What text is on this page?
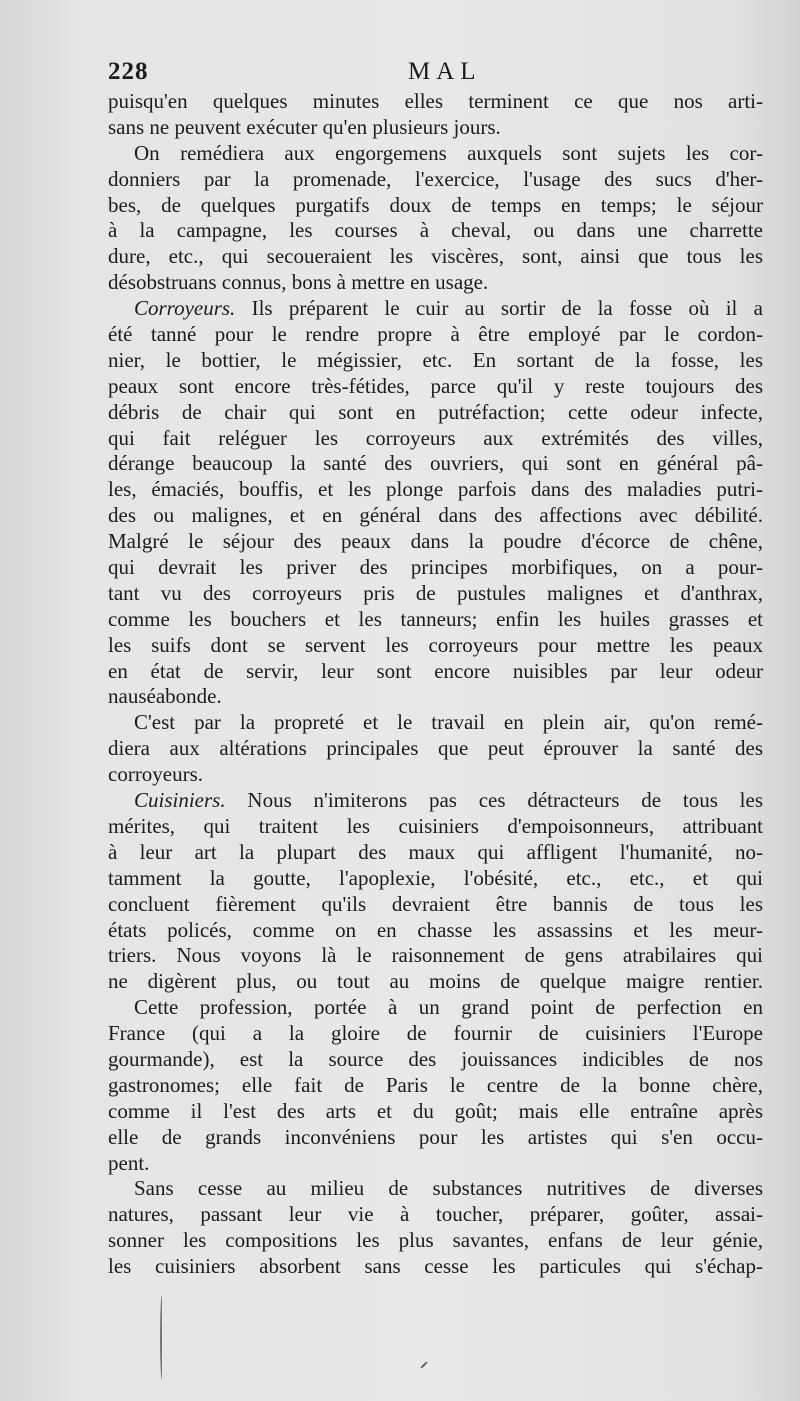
228	MAL
puisqu'en quelques minutes elles terminent ce que nos arti-
sans ne peuvent exécuter qu'en plusieurs jours.
On remédiera aux engorgemens auxquels sont sujets les cor-
donniers par la promenade, l'exercice, l'usage des sucs d'her-
bes, de quelques purgatifs doux de temps en temps; le séjour
à la campagne, les courses à cheval, ou dans une charrette
dure, etc., qui secoueraient les viscères, sont, ainsi que tous les
désobstruans connus, bons à mettre en usage.
Corroyeurs. Ils préparent le cuir au sortir de la fosse où il a
été tanné pour le rendre propre à être employé par le cordon-
nier, le bottier, le mégissier, etc. En sortant de la fosse, les
peaux sont encore très-fétides, parce qu'il y reste toujours des
débris de chair qui sont en putréfaction; cette odeur infecte,
qui fait reléguer les corroyeurs aux extrémités des villes,
dérange beaucoup la santé des ouvriers, qui sont en général pâ-
les, émaciés, bouffis, et les plonge parfois dans des maladies putri-
des ou malignes, et en général dans des affections avec débilité.
Malgré le séjour des peaux dans la poudre d'écorce de chêne,
qui devrait les priver des principes morbifiques, on a pour-
tant vu des corroyeurs pris de pustules malignes et d'anthrax,
comme les bouchers et les tanneurs; enfin les huiles grasses et
les suifs dont se servent les corroyeurs pour mettre les peaux
en état de servir, leur sont encore nuisibles par leur odeur
nauséabonde.
C'est par la propreté et le travail en plein air, qu'on remé-
diera aux altérations principales que peut éprouver la santé des
corroyeurs.
Cuisiniers. Nous n'imiterons pas ces détracteurs de tous les
mérites, qui traitent les cuisiniers d'empoisonneurs, attribuant
à leur art la plupart des maux qui affligent l'humanité, no-
tamment la goutte, l'apoplexie, l'obésité, etc., etc., et qui
concluent fièrement qu'ils devraient être bannis de tous les
états policés, comme on en chasse les assassins et les meur-
triers. Nous voyons là le raisonnement de gens atrabilaires qui
ne digèrent plus, ou tout au moins de quelque maigre rentier.
Cette profession, portée à un grand point de perfection en
France (qui a la gloire de fournir de cuisiniers l'Europe
gourmande), est la source des jouissances indicibles de nos
gastronomes; elle fait de Paris le centre de la bonne chère,
comme il l'est des arts et du goût; mais elle entraîne après
elle de grands inconvéniens pour les artistes qui s'en occu-
pent.
Sans cesse au milieu de substances nutritives de diverses
natures, passant leur vie à toucher, préparer, goûter, assai-
sonner les compositions les plus savantes, enfans de leur génie,
les cuisiniers absorbent sans cesse les particules qui s'échap-
